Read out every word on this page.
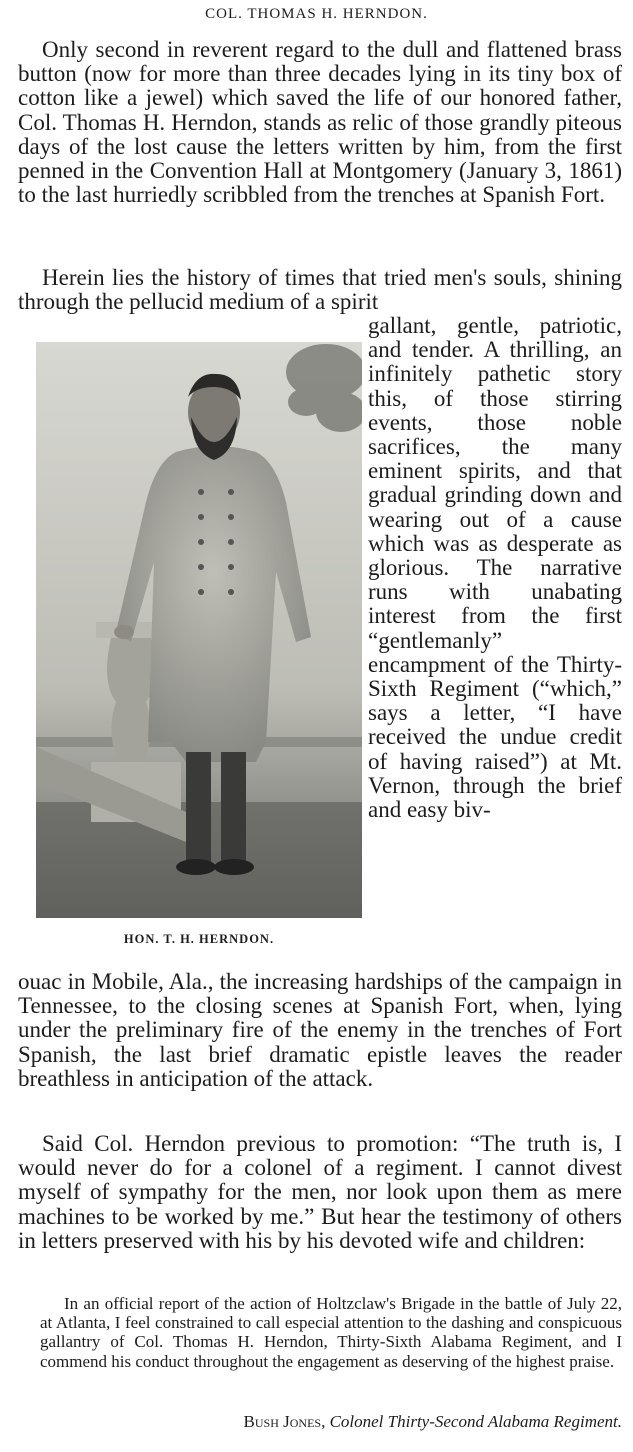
COL. THOMAS H. HERNDON.

Only second in reverent regard to the dull and flattened brass button (now for more than three decades lying in its tiny box of cotton like a jewel) which saved the life of our honored father, Col. Thomas H. Herndon, stands as relic of those grandly piteous days of the lost cause the letters written by him, from the first penned in the Convention Hall at Montgomery (January 3, 1861) to the last hurriedly scribbled from the trenches at Spanish Fort.

Herein lies the history of times that tried men's souls, shining through the pellucid medium of a spirit

gallant, gentle, patriotic, and tender. A thrilling, an infinitely pathetic story this, of those stirring events, those noble sacrifices, the many eminent spirits, and that gradual grinding down and wearing out of a cause which was as desperate as glorious. The narrative runs with unabating interest from the first “gentlemanly” encampment of the Thirty-Sixth Regiment (“which,” says a letter, “I have received the undue credit of having raised”) at Mt. Vernon, through the brief and easy biv-

HON. T. H. HERNDON.

ouac in Mobile, Ala., the increasing hardships of the campaign in Tennessee, to the closing scenes at Spanish Fort, when, lying under the preliminary fire of the enemy in the trenches of Fort Spanish, the last brief dramatic epistle leaves the reader breathless in anticipation of the attack.

Said Col. Herndon previous to promotion: “The truth is, I would never do for a colonel of a regiment. I cannot divest myself of sympathy for the men, nor look upon them as mere machines to be worked by me.” But hear the testimony of others in letters preserved with his by his devoted wife and children:

In an official report of the action of Holtzclaw's Brigade in the battle of July 22, at Atlanta, I feel constrained to call especial attention to the dashing and conspicuous gallantry of Col. Thomas H. Herndon, Thirty-Sixth Alabama Regiment, and I commend his conduct throughout the engagement as deserving of the highest praise.

Bush Jones, Colonel Thirty-Second Alabama Regiment.
